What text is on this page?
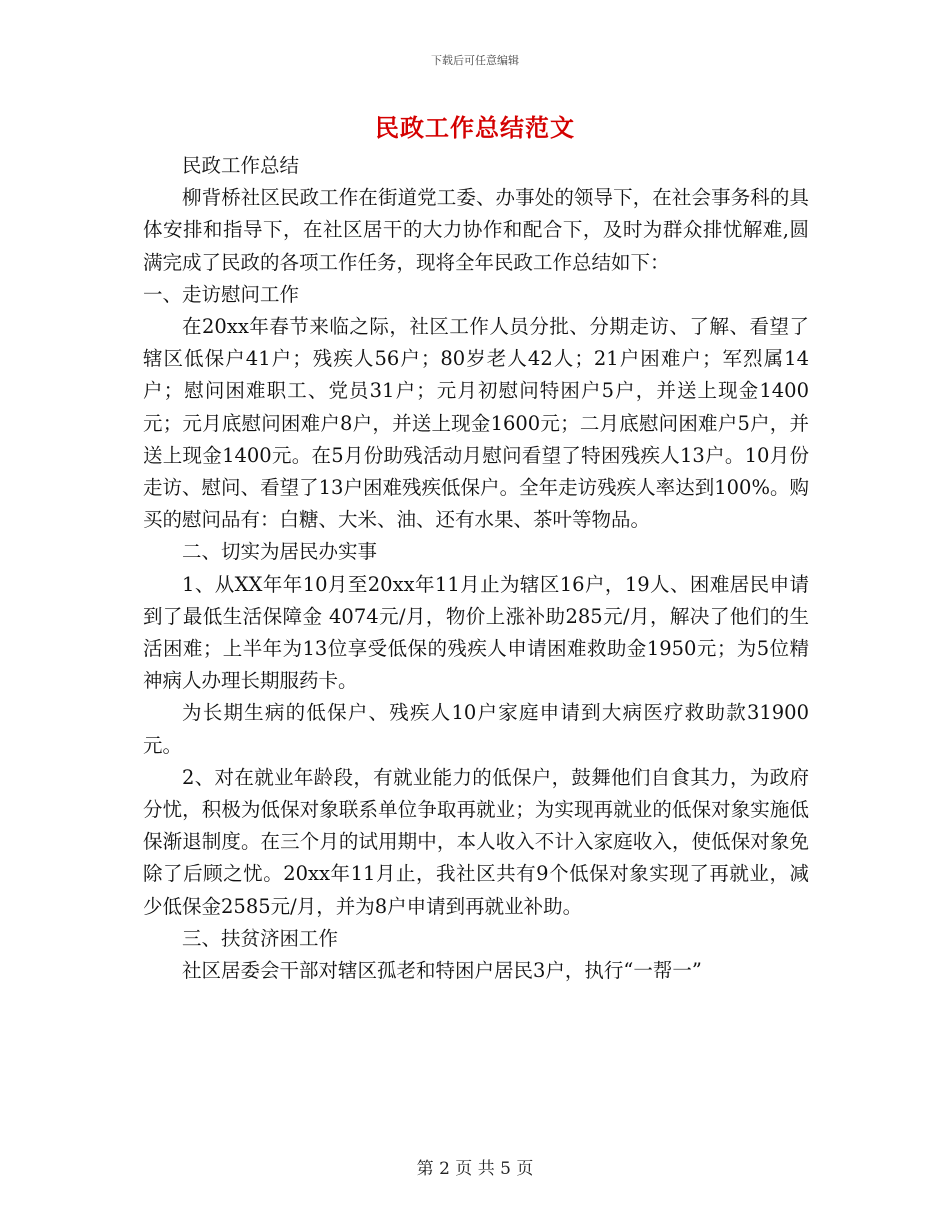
下载后可任意编辑
民政工作总结范文

民政工作总结

柳背桥社区民政工作在街道党工委、办事处的领导下，在社会事务科的具体安排和指导下，在社区居干的大力协作和配合下，及时为群众排忧解难,圆满完成了民政的各项工作任务，现将全年民政工作总结如下：

一、走访慰问工作

在20xx年春节来临之际，社区工作人员分批、分期走访、了解、看望了辖区低保户41户；残疾人56户；80岁老人42人；21户困难户；军烈属14户；慰问困难职工、党员31户；元月初慰问特困户5户，并送上现金1400元；元月底慰问困难户8户，并送上现金1600元；二月底慰问困难户5户，并送上现金1400元。在5月份助残活动月慰问看望了特困残疾人13户。10月份走访、慰问、看望了13户困难残疾低保户。全年走访残疾人率达到100%。购买的慰问品有：白糖、大米、油、还有水果、茶叶等物品。

二、切实为居民办实事

1、从XX年年10月至20xx年11月止为辖区16户，19人、困难居民申请到了最低生活保障金 4074元/月，物价上涨补助285元/月，解决了他们的生活困难；上半年为13位享受低保的残疾人申请困难救助金1950元；为5位精神病人办理长期服药卡。

为长期生病的低保户、残疾人10户家庭申请到大病医疗救助款31900元。

2、对在就业年龄段，有就业能力的低保户，鼓舞他们自食其力，为政府分忧，积极为低保对象联系单位争取再就业；为实现再就业的低保对象实施低保渐退制度。在三个月的试用期中，本人收入不计入家庭收入，使低保对象免除了后顾之忧。20xx年11月止，我社区共有9个低保对象实现了再就业，减少低保金2585元/月，并为8户申请到再就业补助。

三、扶贫济困工作

社区居委会干部对辖区孤老和特困户居民3户，执行“一帮一”

第 2 页 共 5 页
